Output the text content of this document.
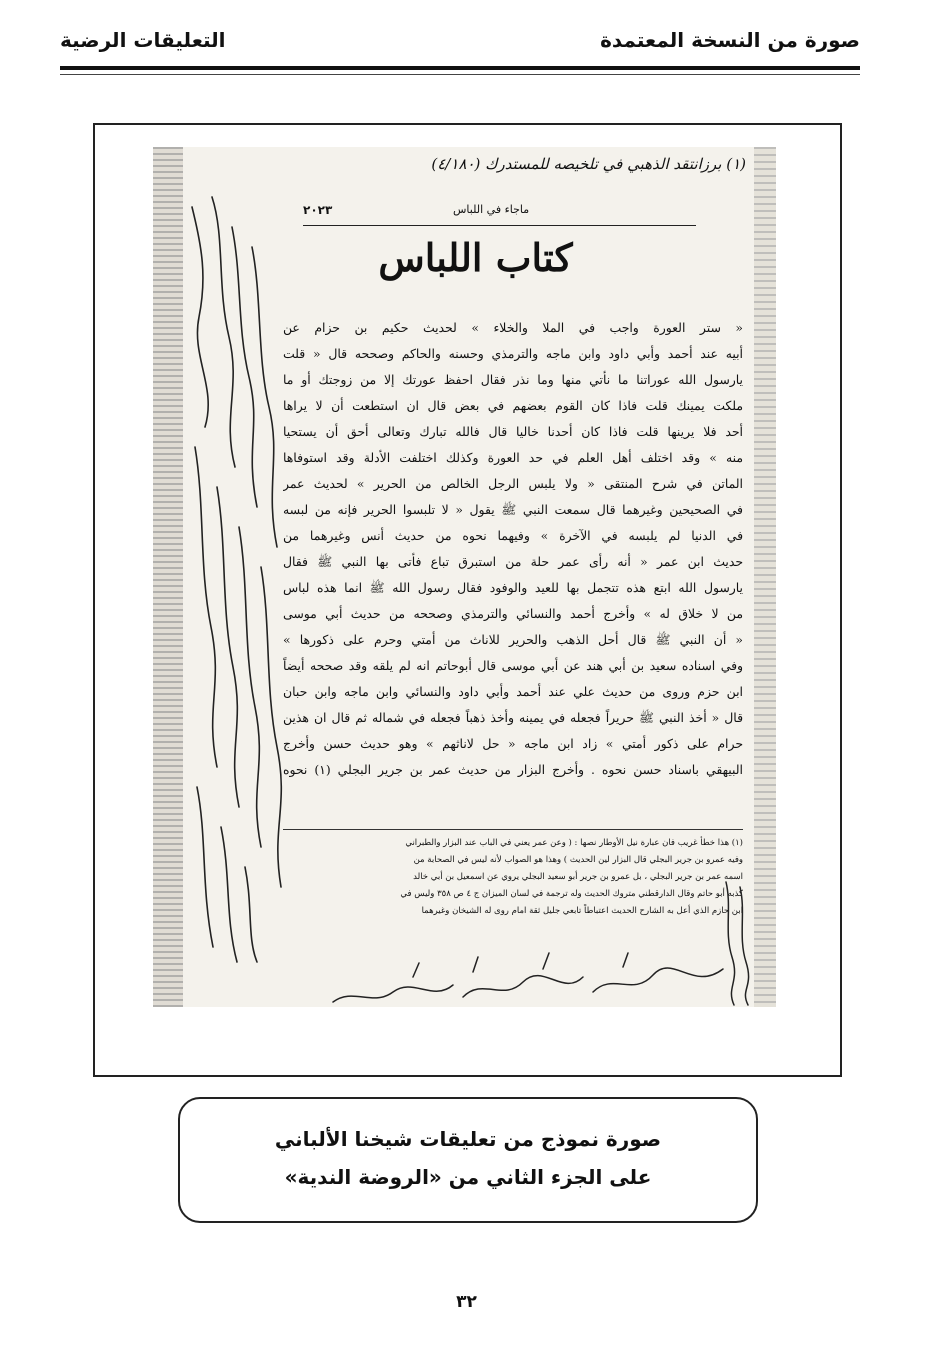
التعليقات الرضية	صورة من النسخة المعتمدة
(١) برزانتقد الذهبي في تلخيصه للمستدرك (٤/١٨٠)
٢٠٢٣	ماجاء في اللباس
كتاب اللباس
« ستر العورة واجب في الملا والخلاء » لحديث حكيم بن حزام عن
أبيه عند أحمد وأبي داود وابن ماجه والترمذي وحسنه والحاكم وصححه قال « قلت
يارسول الله عوراتنا ما نأتي منها وما نذر فقال احفظ عورتك إلا من زوجتك أو ما
ملكت يمينك قلت فاذا كان القوم بعضهم في بعض قال ان استطعت أن لا يراها
أحد فلا يرينها قلت فاذا كان أحدنا خاليا قال فالله تبارك وتعالى أحق أن يستحيا
منه » وقد اختلف أهل العلم في حد العورة وكذلك اختلفت الأدلة وقد استوفاها
الماتن في شرح المنتقى « ولا يلبس الرجل الخالص من الحرير » لحديث عمر
في الصحيحين وغيرهما قال سمعت النبي ﷺ يقول « لا تلبسوا الحرير فإنه من لبسه
في الدنيا لم يلبسه في الآخرة » وفيهما نحوه من حديث أنس وغيرهما من
حديث ابن عمر « أنه رأى عمر حلة من استبرق تباع فأتى بها النبي ﷺ فقال
يارسول الله ابتع هذه تتجمل بها للعيد والوفود فقال رسول الله ﷺ انما هذه لباس
من لا خلاق له » وأخرج أحمد والنسائي والترمذي وصححه من حديث أبي موسى
« أن النبي ﷺ قال أحل الذهب والحرير للاناث من أمتي وحرم على ذكورها »
وفي اسناده سعيد بن أبي هند عن أبي موسى قال أبوحاتم انه لم يلقه وقد صححه أيضاً
ابن حزم وروى من حديث علي عند أحمد وأبي داود والنسائي وابن ماجه وابن حبان
قال « أخذ النبي ﷺ حريراً فجعله في يمينه وأخذ ذهباً فجعله في شماله ثم قال ان هذين
حرام على ذكور أمتي » زاد ابن ماجه « حل لاناثهم » وهو حديث حسن وأخرج
البيهقي باسناد حسن نحوه . وأخرج البزار من حديث عمر بن جرير البجلي (١) نحوه
(١) هذا خطأ غريب فان عبارة نيل الأوطار نصها : ( وعن عمر يعني في الباب عند البزار والطبراني
وفيه عمرو بن جرير البجلي قال البزار لين الحديث ) وهذا هو الصواب لأنه ليس في الصحابة من
اسمه عمر بن جرير البجلي ، بل عمرو بن جرير أبو سعيد البجلي يروي عن اسمعيل بن أبي خالد
كذبه أبو حاتم وقال الدارقطني متروك الحديث وله ترجمة في لسان الميزان ج ٤ ص ٣٥٨ وليس في
ابن حازم الذي أعل به الشارح الحديث اعتباطاً تابعي جليل ثقة امام روى له الشيخان وغيرهما
صورة نموذج من تعليقات شيخنا الألباني
على الجزء الثاني من «الروضة الندية»
٣٢
